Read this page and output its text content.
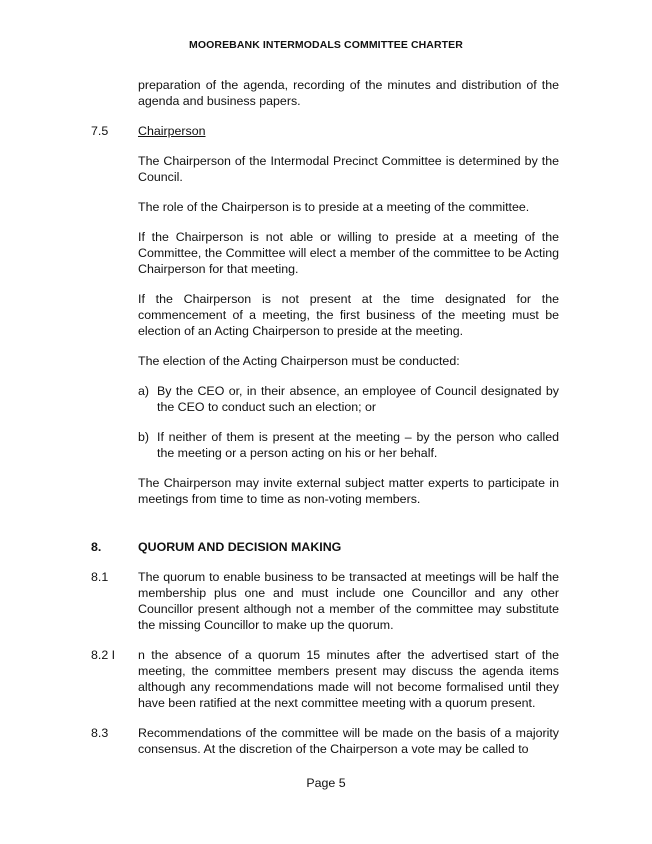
MOOREBANK INTERMODALS COMMITTEE CHARTER
preparation of the agenda, recording of the minutes and distribution of the agenda and business papers.
7.5	Chairperson
The Chairperson of the Intermodal Precinct Committee is determined by the Council.
The role of the Chairperson is to preside at a meeting of the committee.
If the Chairperson is not able or willing to preside at a meeting of the Committee, the Committee will elect a member of the committee to be Acting Chairperson for that meeting.
If the Chairperson is not present at the time designated for the commencement of a meeting, the first business of the meeting must be election of an Acting Chairperson to preside at the meeting.
The election of the Acting Chairperson must be conducted:
a) By the CEO or, in their absence, an employee of Council designated by the CEO to conduct such an election; or
b) If neither of them is present at the meeting – by the person who called the meeting or a person acting on his or her behalf.
The Chairperson may invite external subject matter experts to participate in meetings from time to time as non-voting members.
8.	QUORUM AND DECISION MAKING
8.1	The quorum to enable business to be transacted at meetings will be half the membership plus one and must include one Councillor and any other Councillor present although not a member of the committee may substitute the missing Councillor to make up the quorum.
8.2 I	n the absence of a quorum 15 minutes after the advertised start of the meeting, the committee members present may discuss the agenda items although any recommendations made will not become formalised until they have been ratified at the next committee meeting with a quorum present.
8.3	Recommendations of the committee will be made on the basis of a majority consensus. At the discretion of the Chairperson a vote may be called to
Page 5
